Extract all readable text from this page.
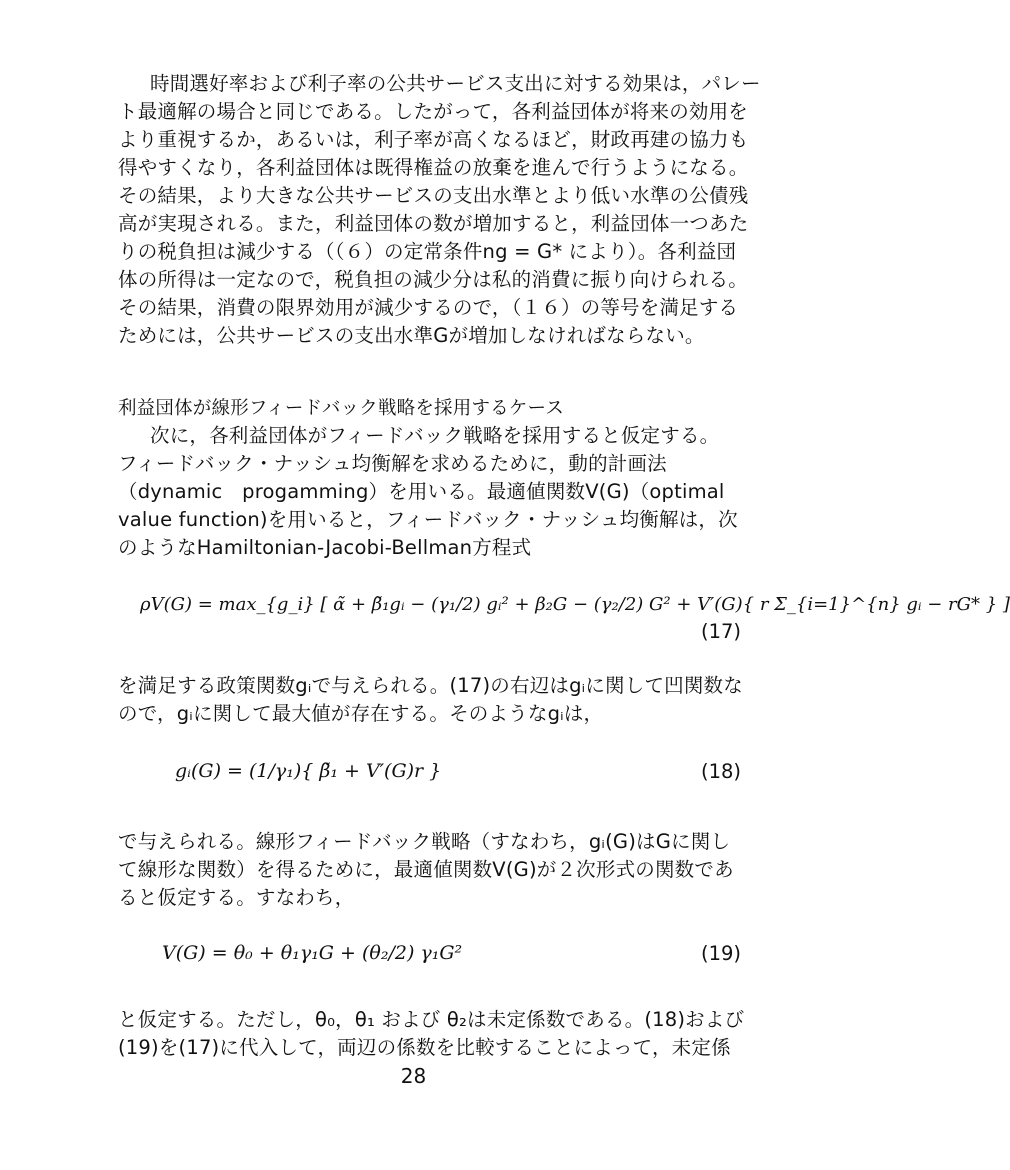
時間選好率および利子率の公共サービス支出に対する効果は，パレー
ト最適解の場合と同じである。したがって，各利益団体が将来の効用を
より重視するか，あるいは，利子率が高くなるほど，財政再建の協力も
得やすくなり，各利益団体は既得権益の放棄を進んで行うようになる。
その結果，より大きな公共サービスの支出水準とより低い水準の公債残
高が実現される。また，利益団体の数が増加すると，利益団体一つあた
りの税負担は減少する（（６）の定常条件ng = G* により）。各利益団
体の所得は一定なので，税負担の減少分は私的消費に振り向けられる。
その結果，消費の限界効用が減少するので，（１６）の等号を満足する
ためには，公共サービスの支出水準Gが増加しなければならない。
利益団体が線形フィードバック戦略を採用するケース
次に，各利益団体がフィードバック戦略を採用すると仮定する。
フィードバック・ナッシュ均衡解を求めるために，動的計画法
（dynamic　progamming）を用いる。最適値関数V(G)（optimal
value function)を用いると，フィードバック・ナッシュ均衡解は，次
のようなHamiltonian-Jacobi-Bellman方程式
ρV(G) = max_{g_i} [ α̃ + β̃₁gᵢ − (γ₁/2) gᵢ² + β₂G − (γ₂/2) G² + V′(G){ r Σ_{i=1}^{n} gᵢ − rG* } ]
(17)
を満足する政策関数gᵢで与えられる。(17)の右辺はgᵢに関して凹関数な
ので，gᵢに関して最大値が存在する。そのようなgᵢは，
gᵢ(G) = (1/γ₁){ β̃₁ + V′(G)r }	(18)
で与えられる。線形フィードバック戦略（すなわち，gᵢ(G)はGに関し
て線形な関数）を得るために，最適値関数V(G)が２次形式の関数であ
ると仮定する。すなわち，
V(G) = θ₀ + θ₁γ₁G + (θ₂/2) γ₁G²	(19)
と仮定する。ただし，θ₀，θ₁ および θ₂は未定係数である。(18)および
(19)を(17)に代入して，両辺の係数を比較することによって，未定係
28
